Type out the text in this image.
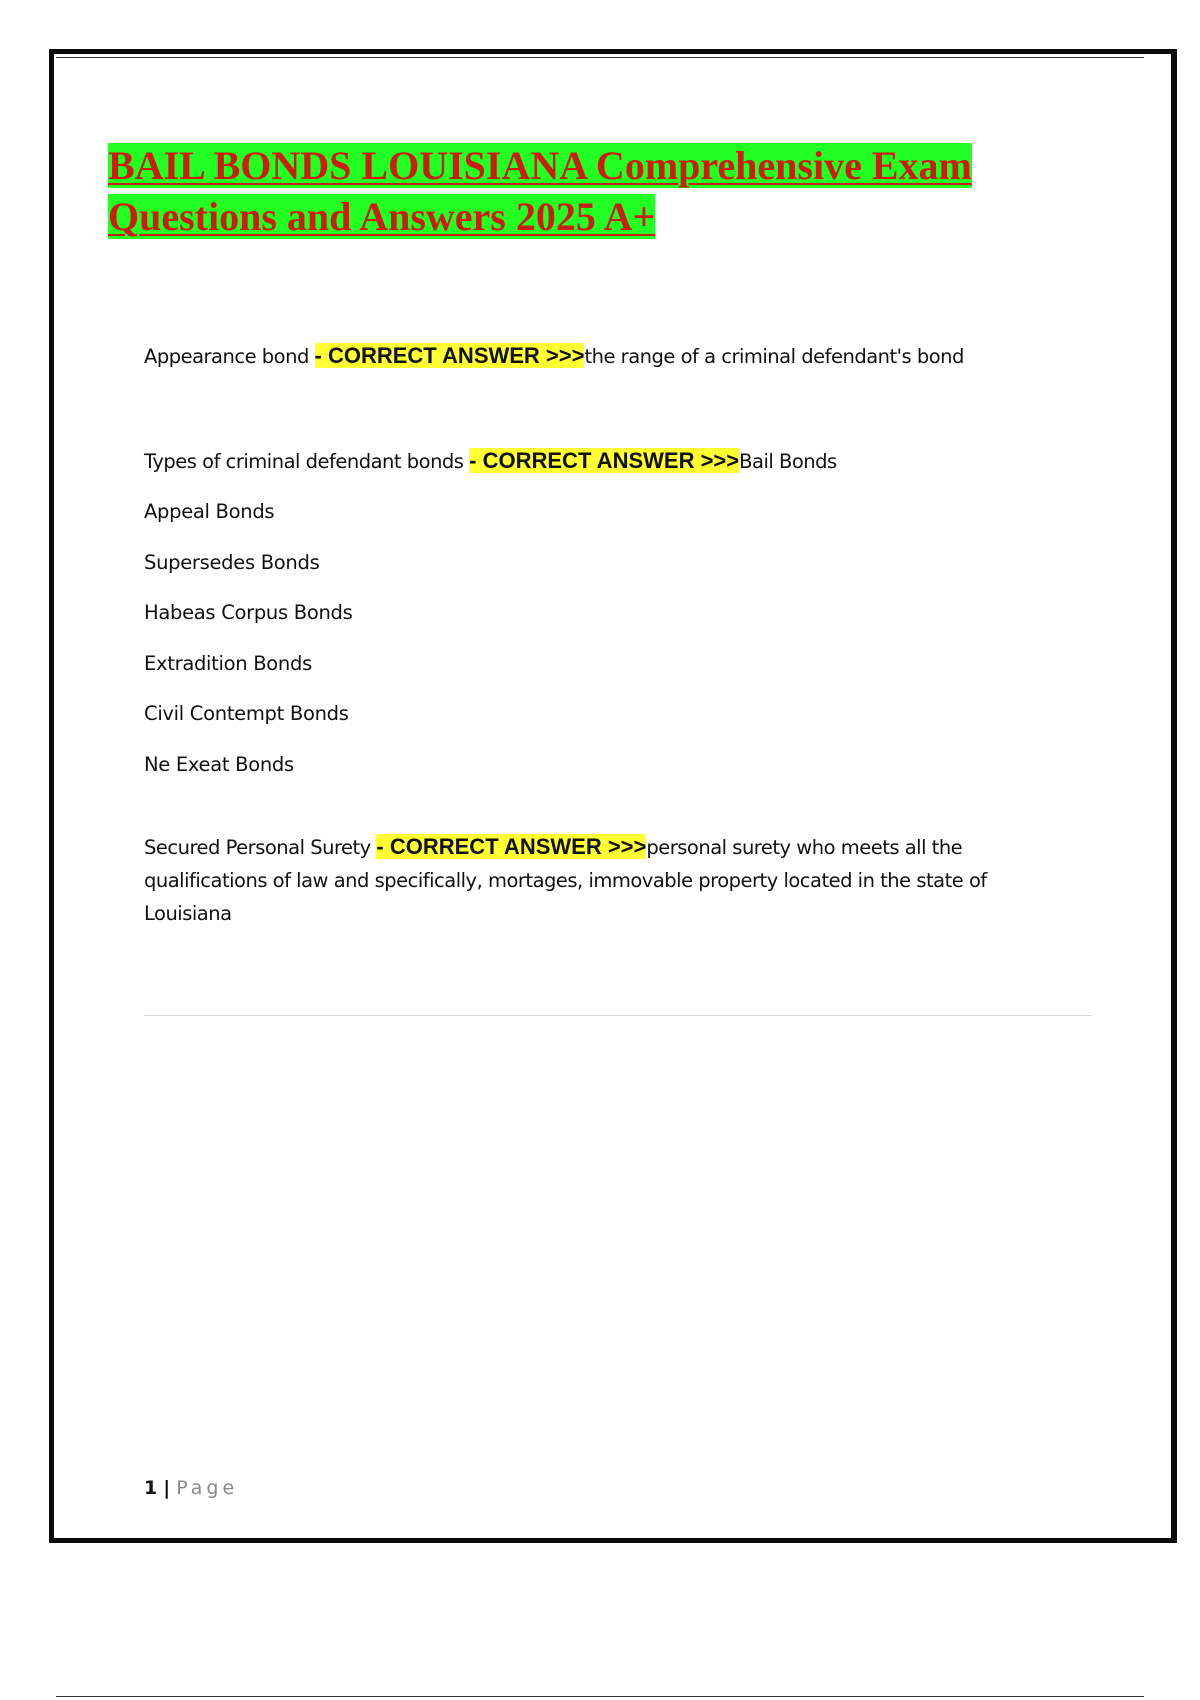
BAIL BONDS LOUISIANA Comprehensive Exam
Questions and Answers 2025 A+
Appearance bond - CORRECT ANSWER >>>the range of a criminal defendant's bond
Types of criminal defendant bonds - CORRECT ANSWER >>>Bail Bonds
Appeal Bonds
Supersedes Bonds
Habeas Corpus Bonds
Extradition Bonds
Civil Contempt Bonds
Ne Exeat Bonds
Secured Personal Surety - CORRECT ANSWER >>>personal surety who meets all the qualifications of law and specifically, mortages, immovable property located in the state of Louisiana
1 | Page
